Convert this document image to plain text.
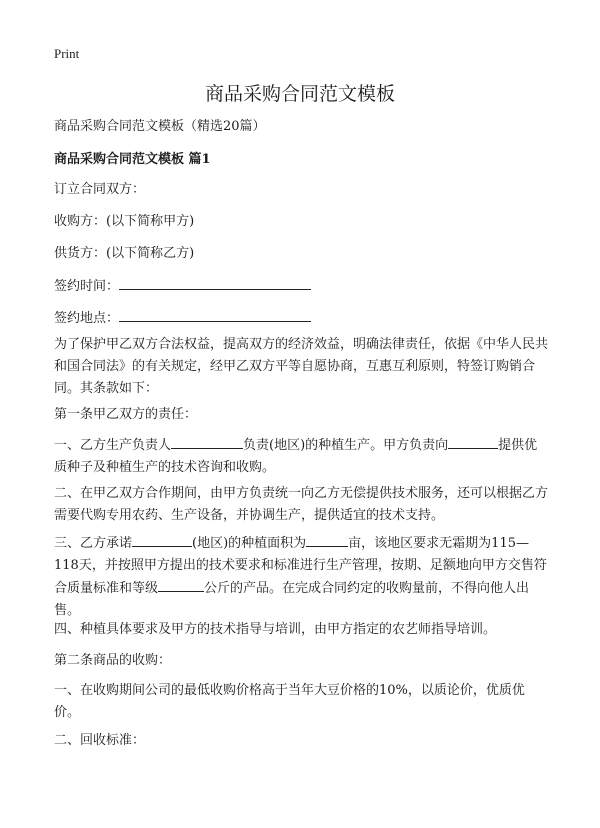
Print
商品采购合同范文模板

商品采购合同范文模板（精选20篇）

商品采购合同范文模板 篇1

订立合同双方：

收购方：(以下简称甲方)

供货方：(以下简称乙方)

签约时间：

签约地点：

为了保护甲乙双方合法权益，提高双方的经济效益，明确法律责任，依据《中华人民共和国合同法》的有关规定，经甲乙双方平等自愿协商，互惠互利原则，特签订购销合同。其条款如下：

第一条甲乙双方的责任：

一、乙方生产负责人	负责(地区)的种植生产。甲方负责向	提供优质种子及种植生产的技术咨询和收购。

二、在甲乙双方合作期间，由甲方负责统一向乙方无偿提供技术服务，还可以根据乙方需要代购专用农药、生产设备，并协调生产，提供适宜的技术支持。

三、乙方承诺	(地区)的种植面积为	亩，该地区要求无霜期为115—118天，并按照甲方提出的技术要求和标准进行生产管理，按期、足额地向甲方交售符合质量标准和等级	公斤的产品。在完成合同约定的收购量前，不得向他人出售。

四、种植具体要求及甲方的技术指导与培训，由甲方指定的农艺师指导培训。

第二条商品的收购：

一、在收购期间公司的最低收购价格高于当年大豆价格的10%，以质论价，优质优价。

二、回收标准：
